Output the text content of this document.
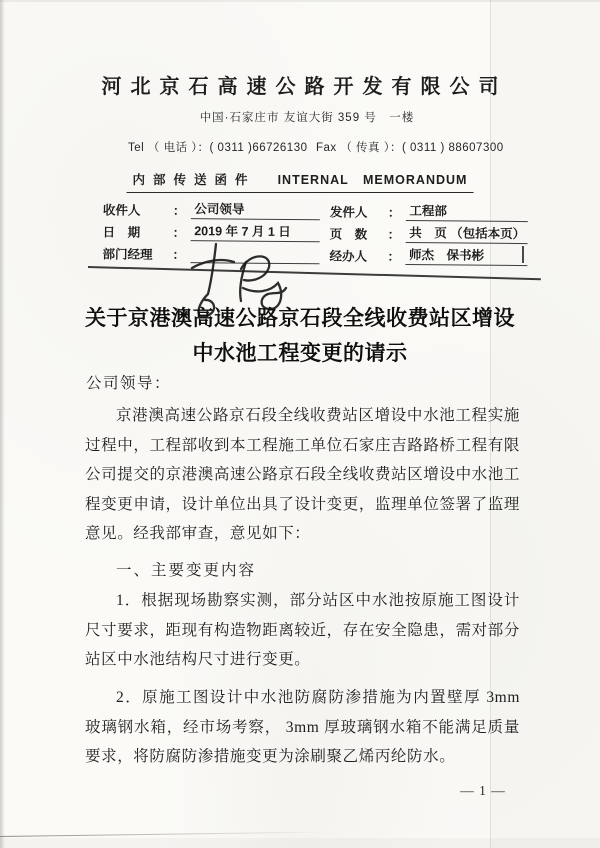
河北京石高速公路开发有限公司
中国·石家庄市 友谊大街 359 号　一楼
Tel （ 电话 ）：( 0311 )66726130 Fax （ 传真 ）：( 0311 ) 88607300
内部传送函件 INTERNAL MEMORANDUM
收件人	： 公司领导	发件人	： 工程部
日　期	： 2019 年 7 月 1 日	页　数	： 共　页 （包括本页）
部门经理	：	经办人	： 师杰　保书彬
关于京港澳高速公路京石段全线收费站区增设
中水池工程变更的请示
公司领导：
京港澳高速公路京石段全线收费站区增设中水池工程实施过程中，工程部收到本工程施工单位石家庄吉路路桥工程有限公司提交的京港澳高速公路京石段全线收费站区增设中水池工程变更申请，设计单位出具了设计变更，监理单位签署了监理意见。经我部审查，意见如下：
一、主要变更内容
1．根据现场勘察实测，部分站区中水池按原施工图设计尺寸要求，距现有构造物距离较近，存在安全隐患，需对部分站区中水池结构尺寸进行变更。
2．原施工图设计中水池防腐防渗措施为内置壁厚 3mm 玻璃钢水箱，经市场考察， 3mm 厚玻璃钢水箱不能满足质量要求，将防腐防渗措施变更为涂刷聚乙烯丙纶防水。
— 1 —
